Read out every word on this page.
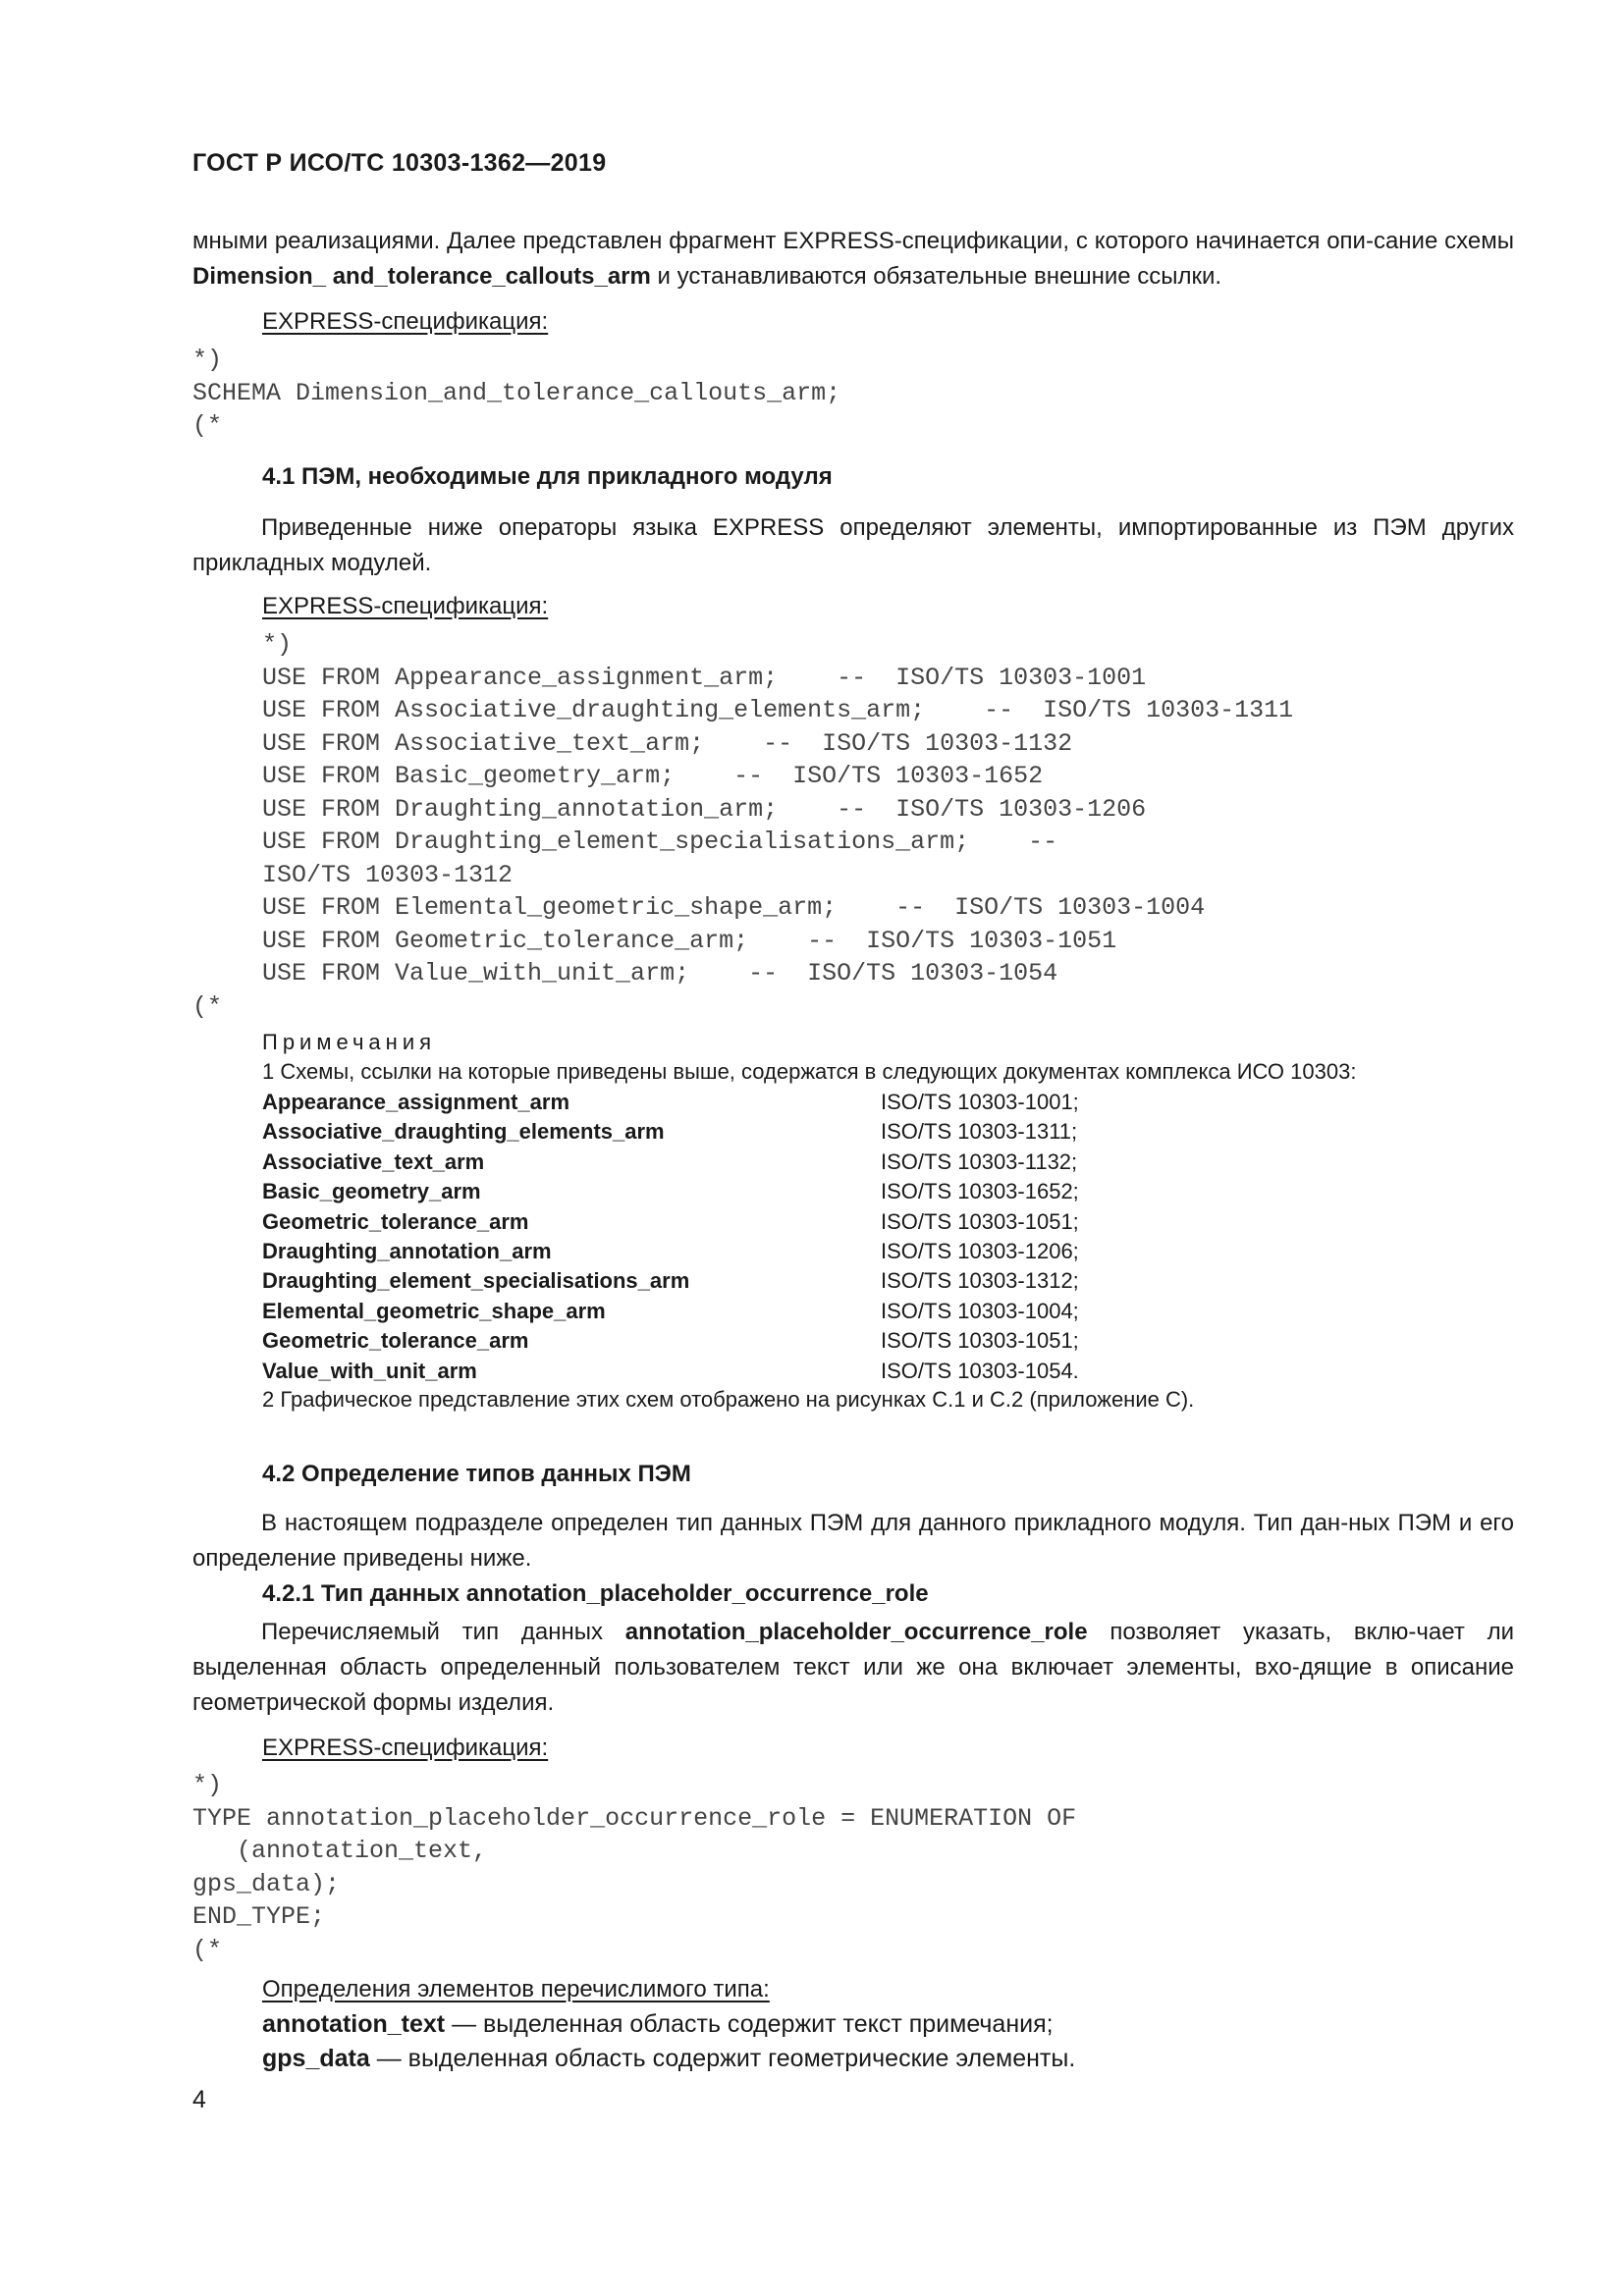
ГОСТ Р ИСО/ТС 10303-1362—2019
мными реализациями. Далее представлен фрагмент EXPRESS-спецификации, с которого начинается опи-сание схемы Dimension_ and_tolerance_callouts_arm и устанавливаются обязательные внешние ссылки.
EXPRESS-спецификация:
*)
SCHEMA Dimension_and_tolerance_callouts_arm;
(*
4.1 ПЭМ, необходимые для прикладного модуля
Приведенные ниже операторы языка EXPRESS определяют элементы, импортированные из ПЭМ других прикладных модулей.
EXPRESS-спецификация:
*)
USE FROM Appearance_assignment_arm;    --  ISO/TS 10303-1001
USE FROM Associative_draughting_elements_arm;    --  ISO/TS 10303-1311
USE FROM Associative_text_arm;    --  ISO/TS 10303-1132
USE FROM Basic_geometry_arm;    --  ISO/TS 10303-1652
USE FROM Draughting_annotation_arm;    --  ISO/TS 10303-1206
USE FROM Draughting_element_specialisations_arm;    --
ISO/TS 10303-1312
USE FROM Elemental_geometric_shape_arm;    --  ISO/TS 10303-1004
USE FROM Geometric_tolerance_arm;    --  ISO/TS 10303-1051
USE FROM Value_with_unit_arm;    --  ISO/TS 10303-1054
(*
Примечания
1 Схемы, ссылки на которые приведены выше, содержатся в следующих документах комплекса ИСО 10303:
Appearance_assignment_arm	ISO/TS 10303-1001;
Associative_draughting_elements_arm	ISO/TS 10303-1311;
Associative_text_arm	ISO/TS 10303-1132;
Basic_geometry_arm	ISO/TS 10303-1652;
Geometric_tolerance_arm	ISO/TS 10303-1051;
Draughting_annotation_arm	ISO/TS 10303-1206;
Draughting_element_specialisations_arm	ISO/TS 10303-1312;
Elemental_geometric_shape_arm	ISO/TS 10303-1004;
Geometric_tolerance_arm	ISO/TS 10303-1051;
Value_with_unit_arm	ISO/TS 10303-1054.
2 Графическое представление этих схем отображено на рисунках С.1 и С.2 (приложение С).
4.2 Определение типов данных ПЭМ
В настоящем подразделе определен тип данных ПЭМ для данного прикладного модуля. Тип дан-ных ПЭМ и его определение приведены ниже.
4.2.1 Тип данных annotation_placeholder_occurrence_role
Перечисляемый тип данных annotation_placeholder_occurrence_role позволяет указать, вклю-чает ли выделенная область определенный пользователем текст или же она включает элементы, вхо-дящие в описание геометрической формы изделия.
EXPRESS-спецификация:
*)
TYPE annotation_placeholder_occurrence_role = ENUMERATION OF
(annotation_text,
gps_data);
END_TYPE;
(*
Определения элементов перечислимого типа:
annotation_text — выделенная область содержит текст примечания;
gps_data — выделенная область содержит геометрические элементы.
4
